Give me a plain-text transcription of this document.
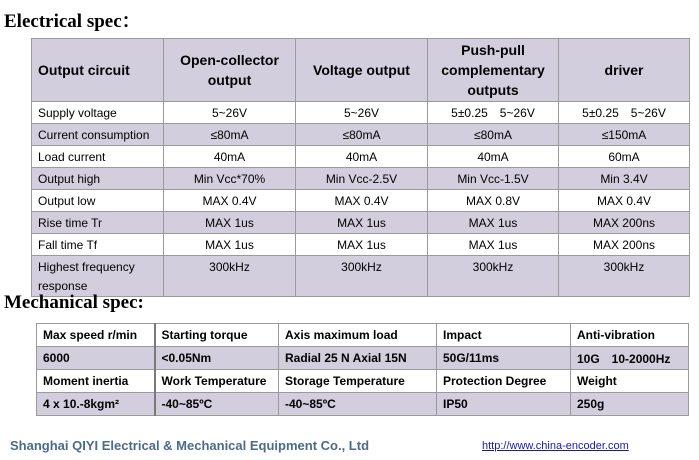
Electrical spec：
Output circuit	Open-collector output	Voltage output	Push-pull complementary outputs	driver
Supply voltage	5~26V	5~26V	5±0.25　5~26V	5±0.25　5~26V
Current consumption	≤80mA	≤80mA	≤80mA	≤150mA
Load current	40mA	40mA	40mA	60mA
Output high	Min Vcc*70%	Min Vcc-2.5V	Min Vcc-1.5V	Min 3.4V
Output low	MAX 0.4V	MAX 0.4V	MAX 0.8V	MAX 0.4V
Rise time Tr	MAX 1us	MAX 1us	MAX 1us	MAX 200ns
Fall time Tf	MAX 1us	MAX 1us	MAX 1us	MAX 200ns
Highest frequency response	300kHz	300kHz	300kHz	300kHz
Mechanical spec:
Max speed r/min	Starting torque	Axis maximum load	Impact	Anti-vibration
6000	<0.05Nm	Radial 25 N Axial 15N	50G/11ms	10G　10-2000Hz
Moment inertia	Work Temperature	Storage Temperature	Protection Degree	Weight
4 x 10.-8kgm²	-40~85ºC	-40~85ºC	IP50	250g
Shanghai QIYI Electrical & Mechanical Equipment Co., Ltd	http://www.china-encoder.com
